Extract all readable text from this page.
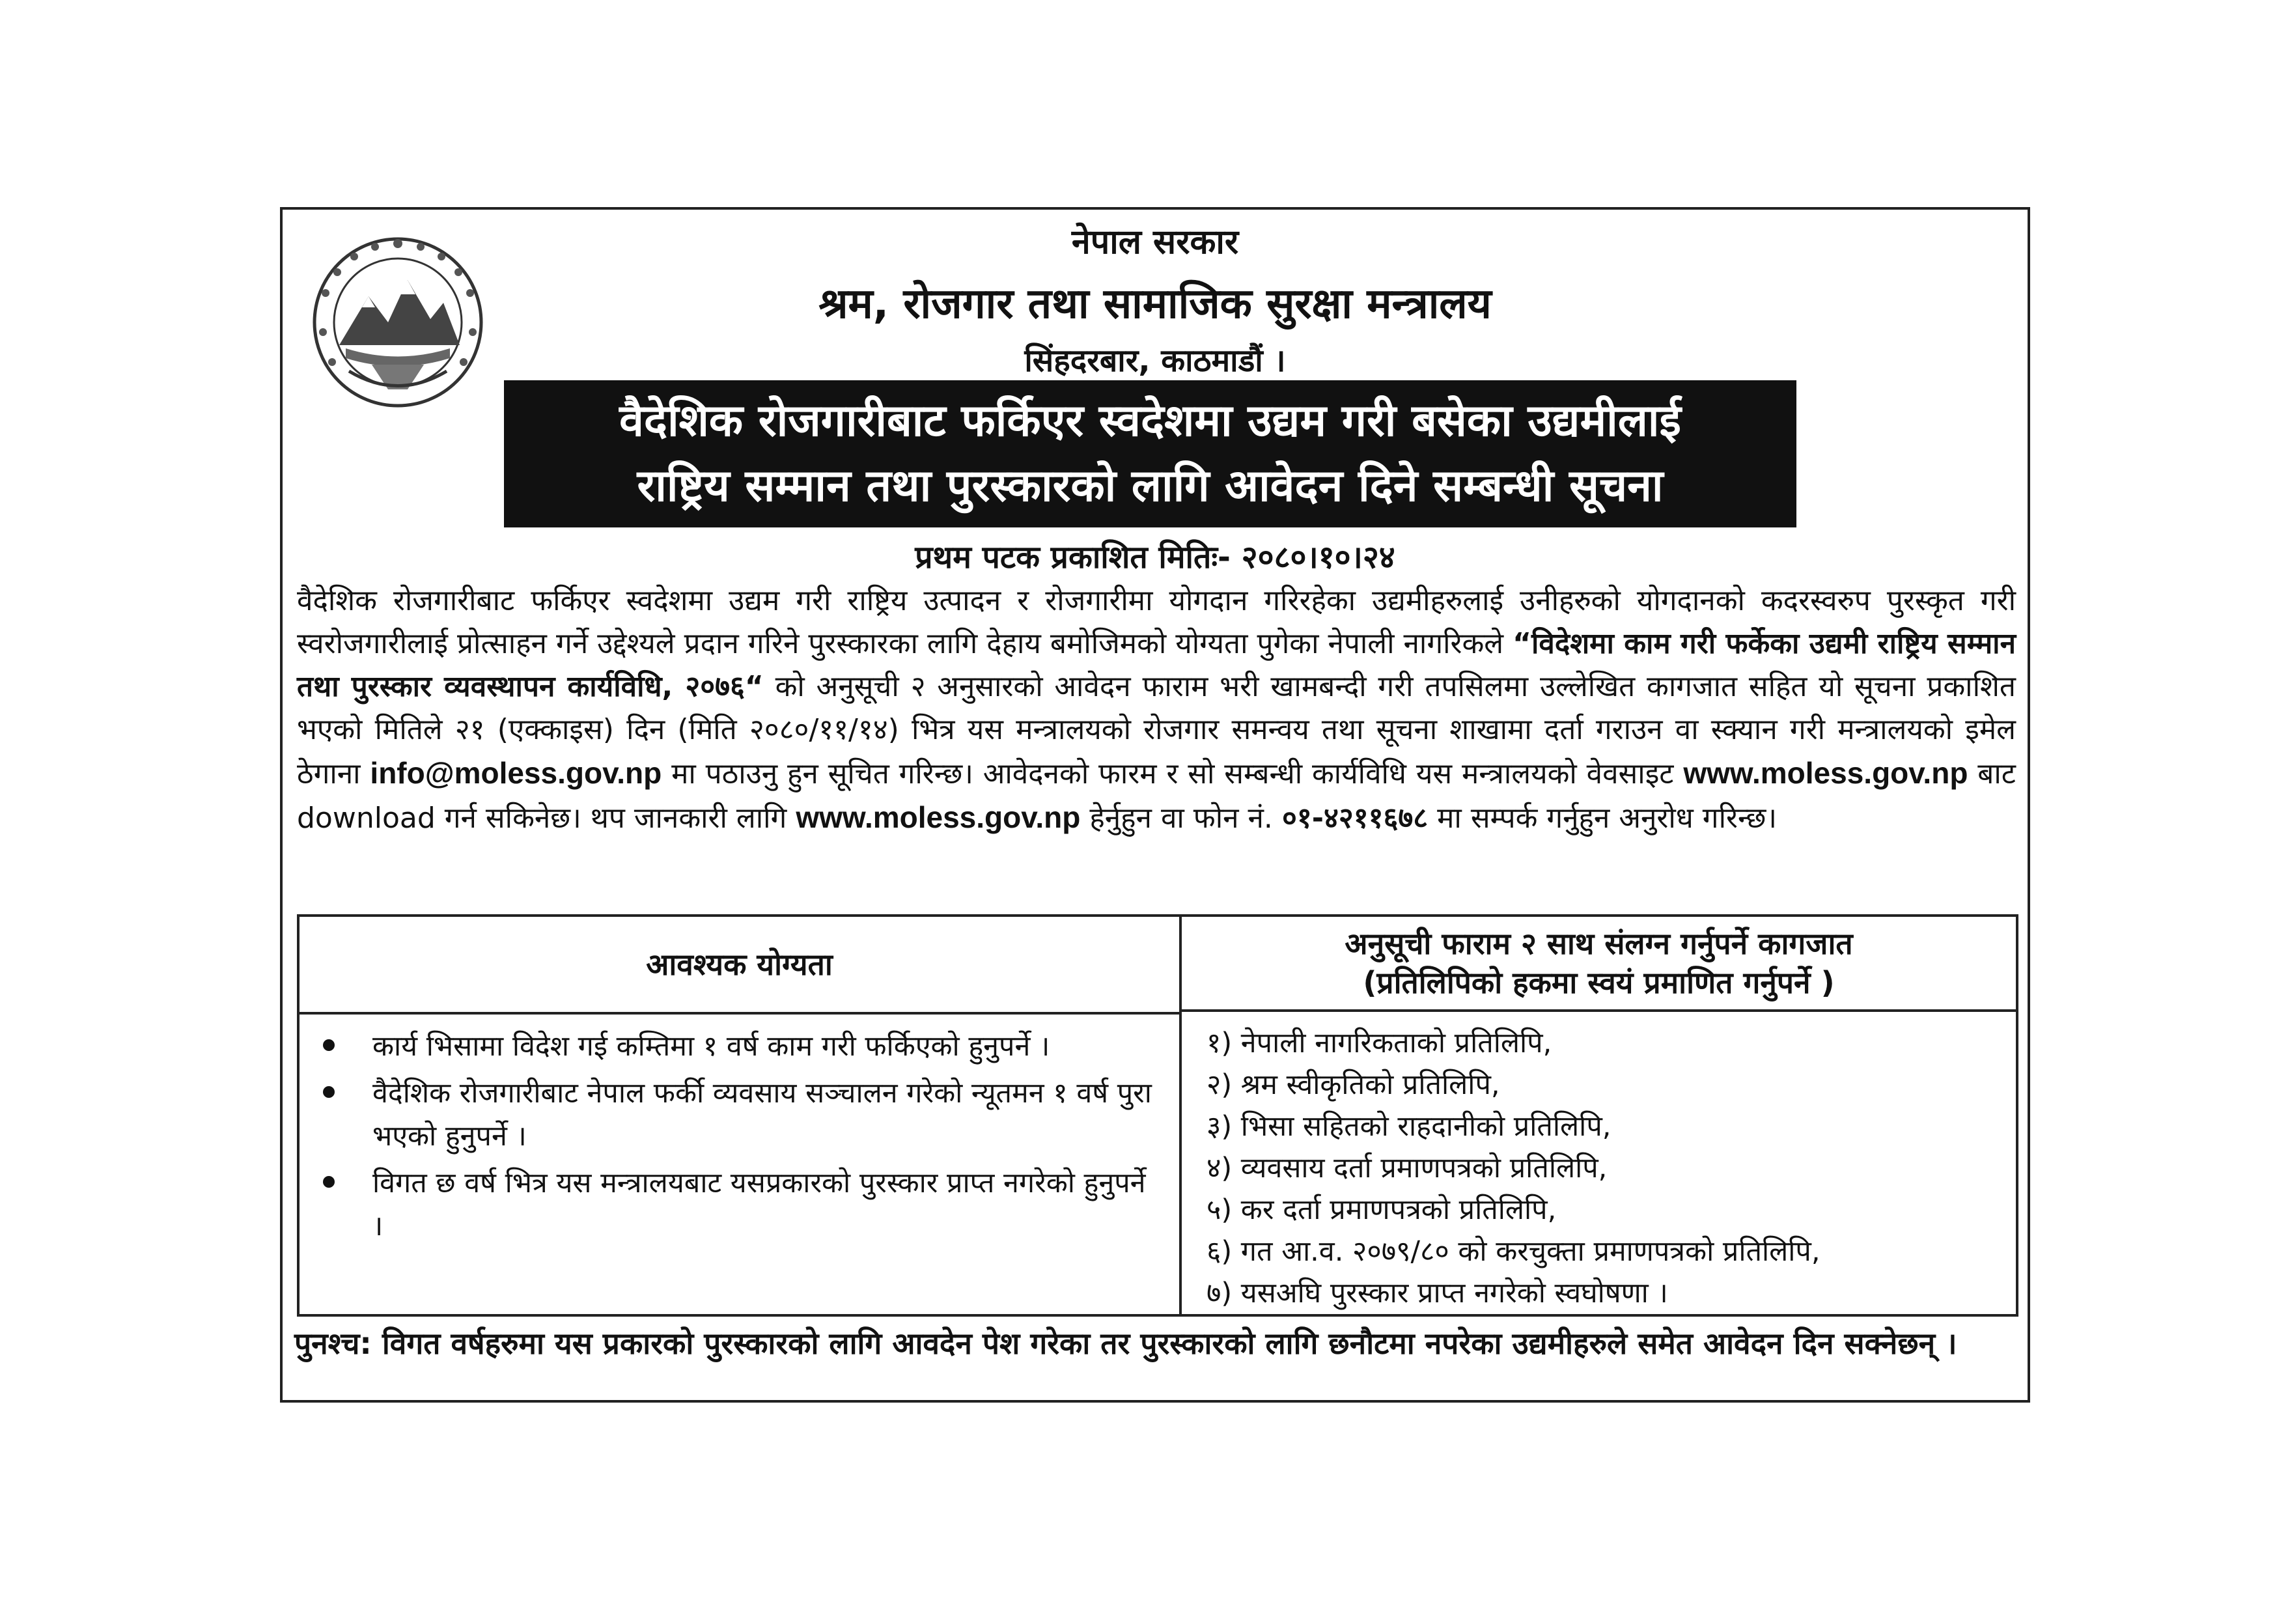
नेपाल सरकार
श्रम, रोजगार तथा सामाजिक सुरक्षा मन्त्रालय
सिंहदरबार, काठमाडौं ।
वैदेशिक रोजगारीबाट फर्किएर स्वदेशमा उद्यम गरी बसेका उद्यमीलाई
राष्ट्रिय सम्मान तथा पुरस्कारको लागि आवेदन दिने सम्बन्धी सूचना
प्रथम पटक प्रकाशित मितिः- २०८०।१०।२४
वैदेशिक रोजगारीबाट फर्किएर स्वदेशमा उद्यम गरी राष्ट्रिय उत्पादन र रोजगारीमा योगदान गरिरहेका उद्यमीहरुलाई उनीहरुको योगदानको कदरस्वरुप पुरस्कृत गरी स्वरोजगारीलाई प्रोत्साहन गर्ने उद्देश्यले प्रदान गरिने पुरस्कारका लागि देहाय बमोजिमको योग्यता पुगेका नेपाली नागरिकले “विदेशमा काम गरी फर्केका उद्यमी राष्ट्रिय सम्मान तथा पुरस्कार व्यवस्थापन कार्यविधि, २०७६“ को अनुसूची २ अनुसारको आवेदन फाराम भरी खामबन्दी गरी तपसिलमा उल्लेखित कागजात सहित यो सूचना प्रकाशित भएको मितिले २१ (एक्काइस) दिन (मिति २०८०/११/१४) भित्र यस मन्त्रालयको रोजगार समन्वय तथा सूचना शाखामा दर्ता गराउन वा स्क्यान गरी मन्त्रालयको इमेल ठेगाना info@moless.gov.np मा पठाउनु हुन सूचित गरिन्छ। आवेदनको फारम र सो सम्बन्धी कार्यविधि यस मन्त्रालयको वेवसाइट www.moless.gov.np बाट download गर्न सकिनेछ। थप जानकारी लागि www.moless.gov.np हेर्नुहुन वा फोन नं. ०१-४२११६७८ मा सम्पर्क गर्नुहुन अनुरोध गरिन्छ।
आवश्यक योग्यता
कार्य भिसामा विदेश गई कम्तिमा १ वर्ष काम गरी फर्किएको हुनुपर्ने ।
वैदेशिक रोजगारीबाट नेपाल फर्की व्यवसाय सञ्चालन गरेको न्यूतमन १ वर्ष पुरा भएको हुनुपर्ने ।
विगत छ वर्ष भित्र यस मन्त्रालयबाट यसप्रकारको पुरस्कार प्राप्त नगरेको हुनुपर्ने ।
अनुसूची फाराम २ साथ संलग्न गर्नुपर्ने कागजात
(प्रतिलिपिको हकमा स्वयं प्रमाणित गर्नुपर्ने )
१) नेपाली नागरिकताको प्रतिलिपि,
२) श्रम स्वीकृतिको प्रतिलिपि,
३) भिसा सहितको राहदानीको प्रतिलिपि,
४) व्यवसाय दर्ता प्रमाणपत्रको प्रतिलिपि,
५) कर दर्ता प्रमाणपत्रको प्रतिलिपि,
६) गत आ.व. २०७९/८० को करचुक्ता प्रमाणपत्रको प्रतिलिपि,
७) यसअघि पुरस्कार प्राप्त नगरेको स्वघोषणा ।
पुनश्च: विगत वर्षहरुमा यस प्रकारको पुरस्कारको लागि आवदेन पेश गरेका तर पुरस्कारको लागि छनौटमा नपरेका उद्यमीहरुले समेत आवेदन दिन सक्नेछन् ।
